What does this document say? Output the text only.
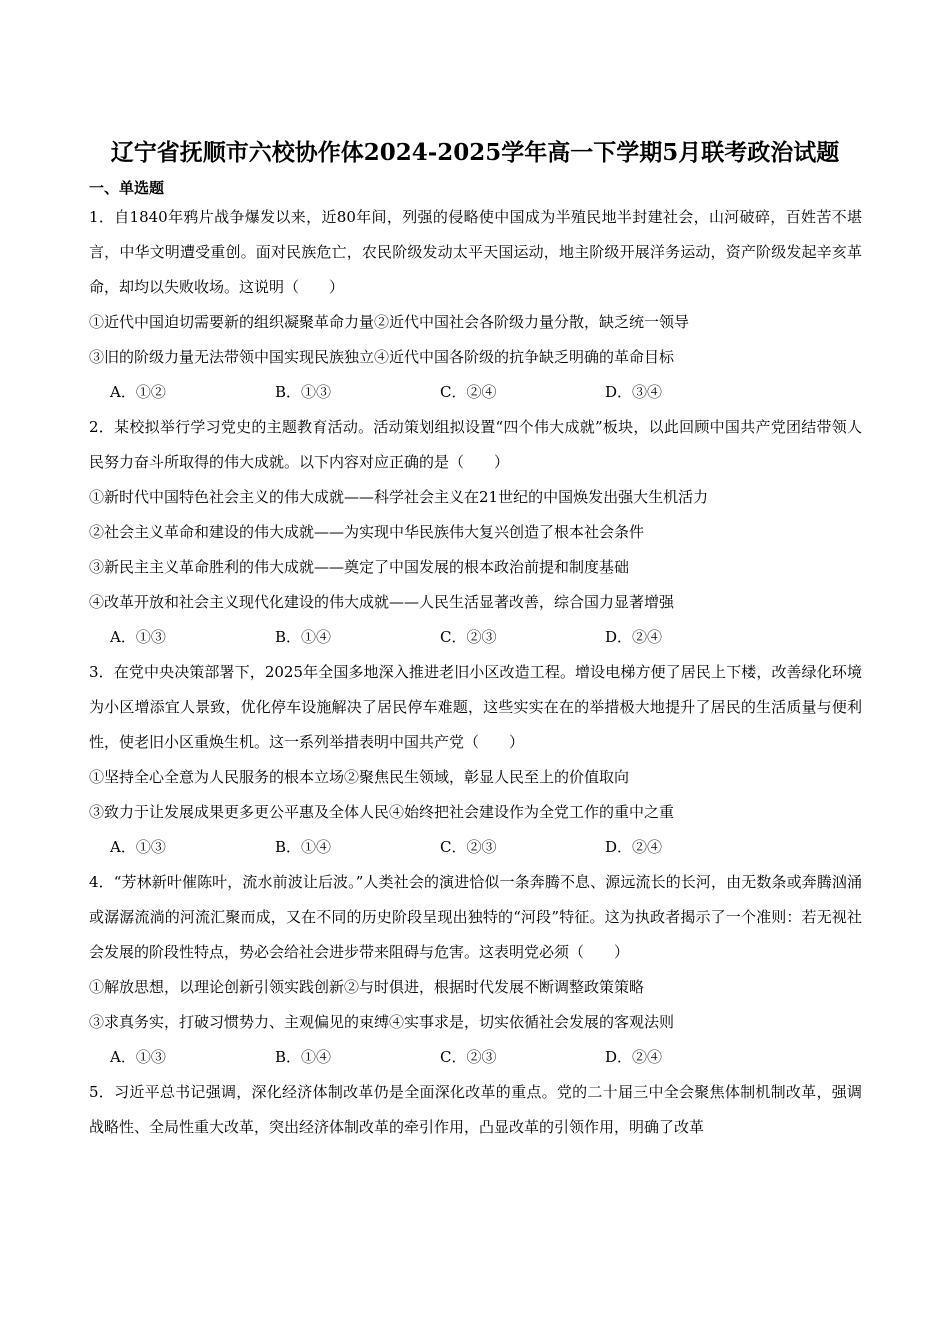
辽宁省抚顺市六校协作体2024-2025学年高一下学期5月联考政治试题
一、单选题

1．自1840年鸦片战争爆发以来，近80年间，列强的侵略使中国成为半殖民地半封建社会，山河破碎，百姓苦不堪言，中华文明遭受重创。面对民族危亡，农民阶级发动太平天国运动，地主阶级开展洋务运动，资产阶级发起辛亥革命，却均以失败收场。这说明（　　）

①近代中国迫切需要新的组织凝聚革命力量②近代中国社会各阶级力量分散，缺乏统一领导

③旧的阶级力量无法带领中国实现民族独立④近代中国各阶级的抗争缺乏明确的革命目标

A．①②	B．①③	C．②④	D．③④

2．某校拟举行学习党史的主题教育活动。活动策划组拟设置“四个伟大成就”板块，以此回顾中国共产党团结带领人民努力奋斗所取得的伟大成就。以下内容对应正确的是（　　）

①新时代中国特色社会主义的伟大成就——科学社会主义在21世纪的中国焕发出强大生机活力

②社会主义革命和建设的伟大成就——为实现中华民族伟大复兴创造了根本社会条件

③新民主主义革命胜利的伟大成就——奠定了中国发展的根本政治前提和制度基础

④改革开放和社会主义现代化建设的伟大成就——人民生活显著改善，综合国力显著增强

A．①③	B．①④	C．②③	D．②④

3．在党中央决策部署下，2025年全国多地深入推进老旧小区改造工程。增设电梯方便了居民上下楼，改善绿化环境为小区增添宜人景致，优化停车设施解决了居民停车难题，这些实实在在的举措极大地提升了居民的生活质量与便利性，使老旧小区重焕生机。这一系列举措表明中国共产党（　　）

①坚持全心全意为人民服务的根本立场②聚焦民生领域，彰显人民至上的价值取向

③致力于让发展成果更多更公平惠及全体人民④始终把社会建设作为全党工作的重中之重

A．①③	B．①④	C．②③	D．②④

4．“芳林新叶催陈叶，流水前波让后波。”人类社会的演进恰似一条奔腾不息、源远流长的长河，由无数条或奔腾汹涌或潺潺流淌的河流汇聚而成，又在不同的历史阶段呈现出独特的“河段”特征。这为执政者揭示了一个准则：若无视社会发展的阶段性特点，势必会给社会进步带来阻碍与危害。这表明党必须（　　）

①解放思想，以理论创新引领实践创新②与时俱进，根据时代发展不断调整政策策略

③求真务实，打破习惯势力、主观偏见的束缚④实事求是，切实依循社会发展的客观法则

A．①③	B．①④	C．②③	D．②④

5．习近平总书记强调，深化经济体制改革仍是全面深化改革的重点。党的二十届三中全会聚焦体制机制改革，强调战略性、全局性重大改革，突出经济体制改革的牵引作用，凸显改革的引领作用，明确了改革
